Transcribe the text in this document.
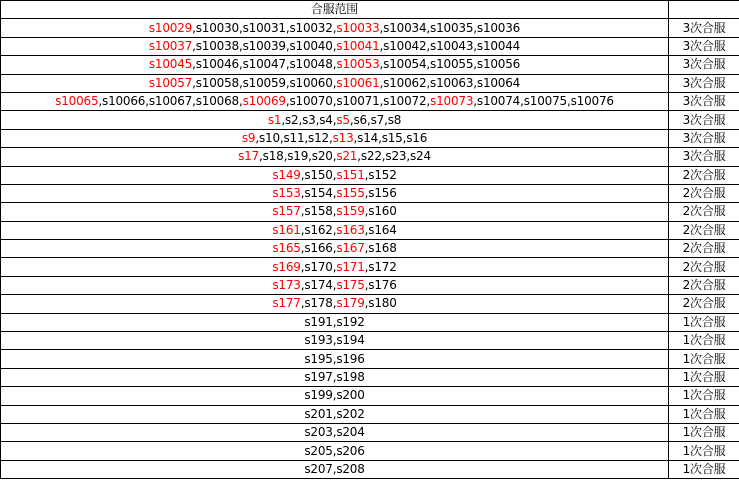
合服范围	
s10029,s10030,s10031,s10032,s10033,s10034,s10035,s10036	3次合服
s10037,s10038,s10039,s10040,s10041,s10042,s10043,s10044	3次合服
s10045,s10046,s10047,s10048,s10053,s10054,s10055,s10056	3次合服
s10057,s10058,s10059,s10060,s10061,s10062,s10063,s10064	3次合服
s10065,s10066,s10067,s10068,s10069,s10070,s10071,s10072,s10073,s10074,s10075,s10076	3次合服
s1,s2,s3,s4,s5,s6,s7,s8	3次合服
s9,s10,s11,s12,s13,s14,s15,s16	3次合服
s17,s18,s19,s20,s21,s22,s23,s24	3次合服
s149,s150,s151,s152	2次合服
s153,s154,s155,s156	2次合服
s157,s158,s159,s160	2次合服
s161,s162,s163,s164	2次合服
s165,s166,s167,s168	2次合服
s169,s170,s171,s172	2次合服
s173,s174,s175,s176	2次合服
s177,s178,s179,s180	2次合服
s191,s192	1次合服
s193,s194	1次合服
s195,s196	1次合服
s197,s198	1次合服
s199,s200	1次合服
s201,s202	1次合服
s203,s204	1次合服
s205,s206	1次合服
s207,s208	1次合服
